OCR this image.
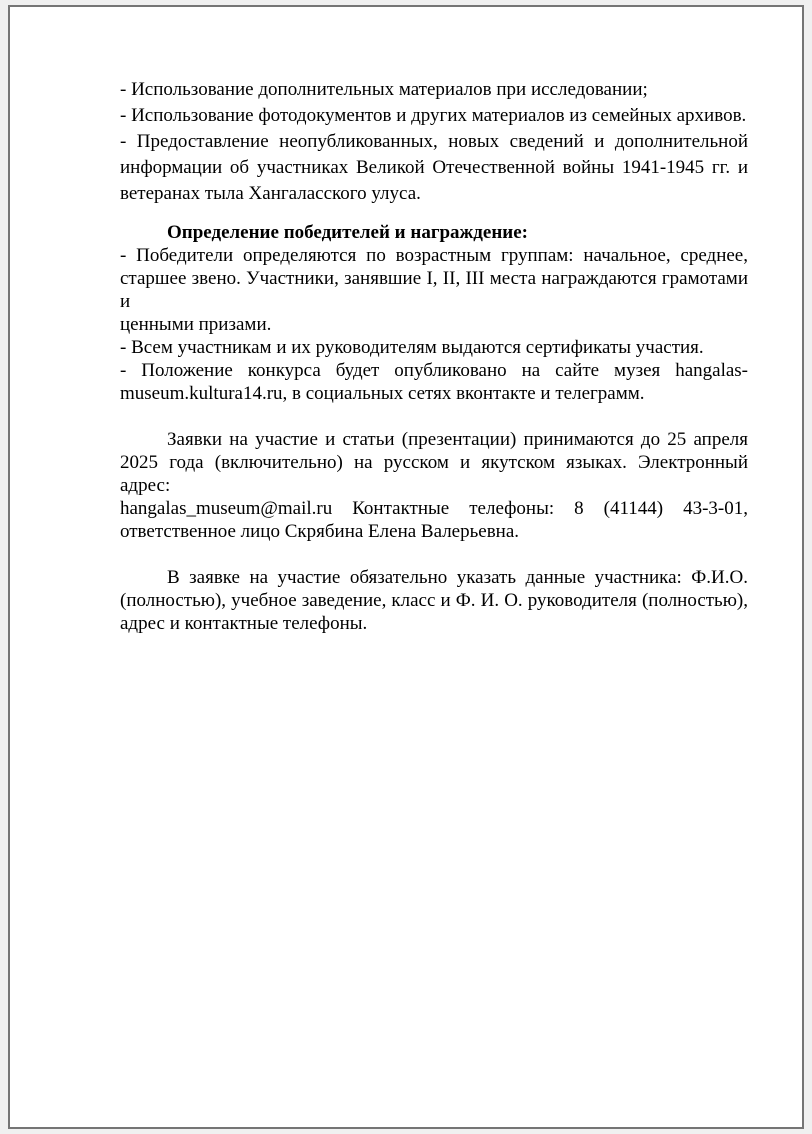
- Использование дополнительных материалов при исследовании;
- Использование фотодокументов и других материалов из семейных архивов.
- Предоставление неопубликованных, новых сведений и дополнительной
информации об участниках Великой Отечественной войны 1941-1945 гг. и
ветеранах тыла Хангаласского улуса.
Определение победителей и награждение:
- Победители определяются по возрастным группам: начальное, среднее,
старшее звено. Участники, занявшие I, II, III места награждаются грамотами и
ценными призами.
- Всем участникам и их руководителям выдаются сертификаты участия.
- Положение конкурса будет опубликовано на сайте музея hangalas-
museum.kultura14.ru, в социальных сетях вконтакте и телеграмм.
Заявки на участие и статьи (презентации) принимаются до 25 апреля
2025 года (включительно) на русском и якутском языках. Электронный адрес:
hangalas_museum@mail.ru Контактные телефоны: 8 (41144) 43-3-01,
ответственное лицо Скрябина Елена Валерьевна.
В заявке на участие обязательно указать данные участника: Ф.И.О.
(полностью), учебное заведение, класс и Ф. И. О. руководителя (полностью),
адрес и контактные телефоны.
